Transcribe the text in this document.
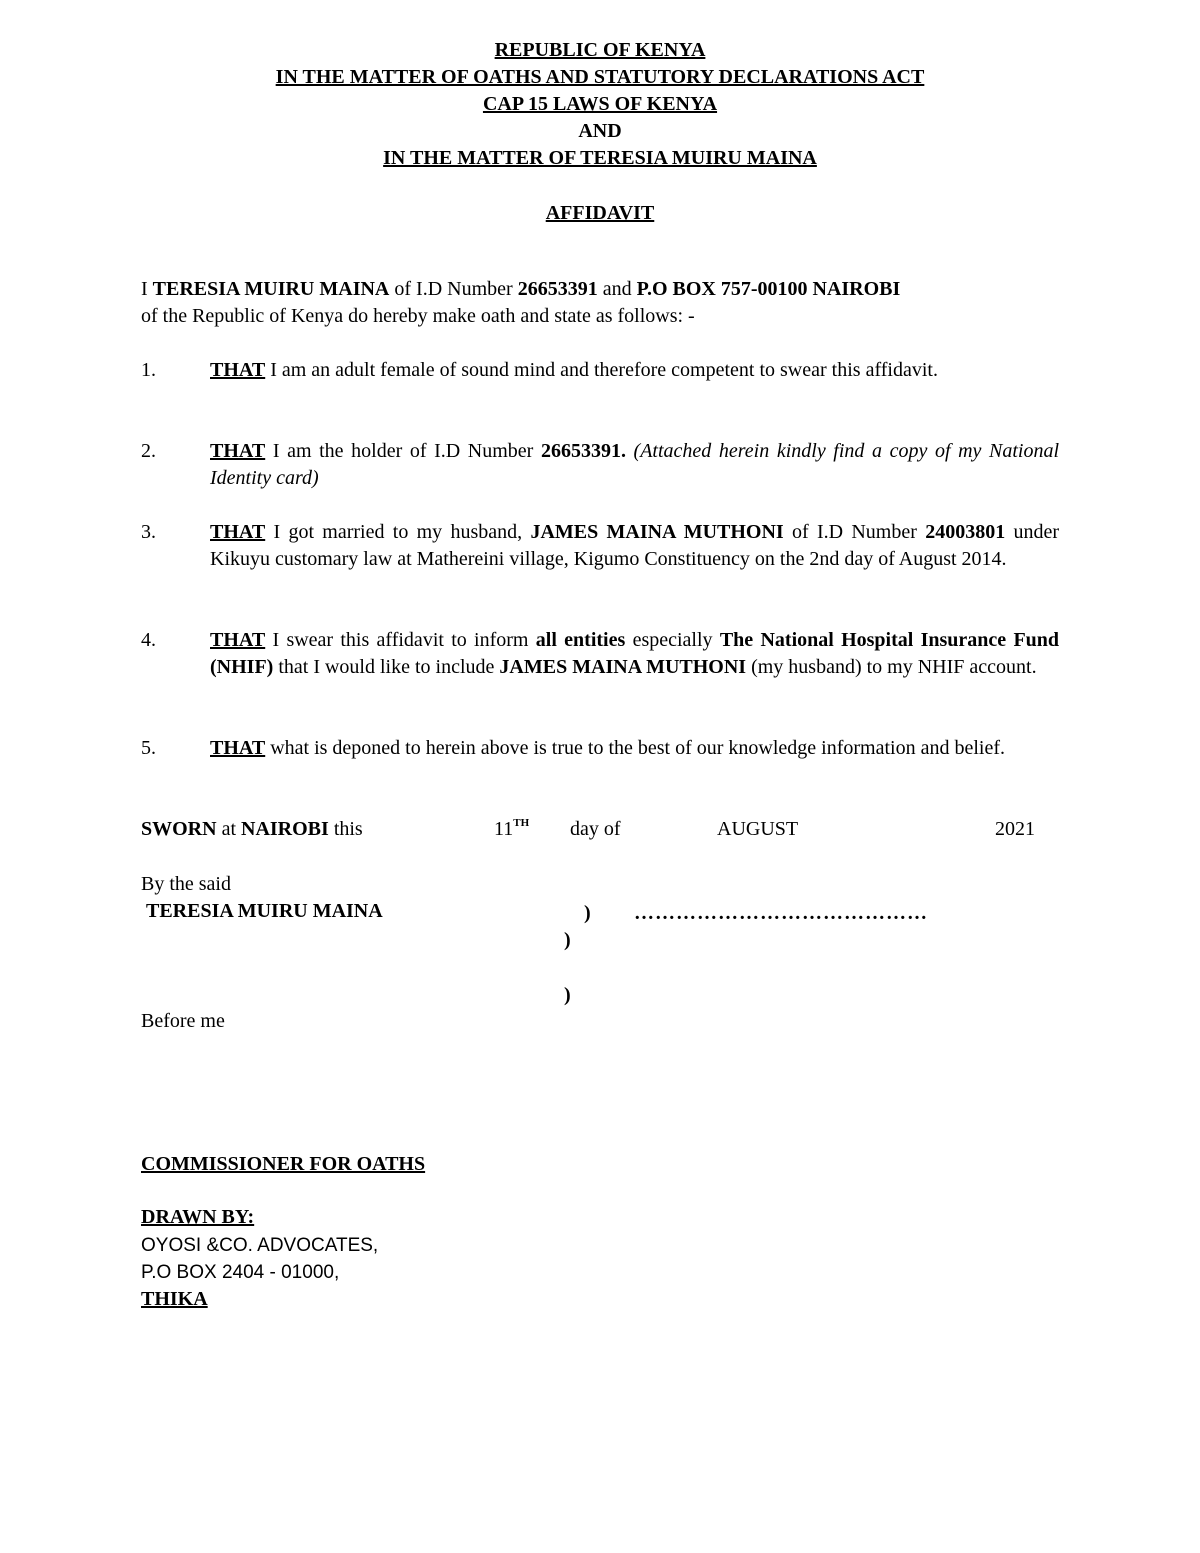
REPUBLIC OF KENYA
IN THE MATTER OF OATHS AND STATUTORY DECLARATIONS ACT
CAP 15 LAWS OF KENYA
AND
IN THE MATTER OF TERESIA MUIRU MAINA
AFFIDAVIT
I TERESIA MUIRU MAINA of I.D Number 26653391 and P.O BOX 757-00100 NAIROBI
of the Republic of Kenya do hereby make oath and state as follows: -
1.	THAT I am an adult female of sound mind and therefore competent to swear this affidavit.
2.	THAT I am the holder of I.D Number 26653391. (Attached herein kindly find a copy of my National Identity card)
3.	THAT I got married to my husband, JAMES MAINA MUTHONI of I.D Number 24003801 under Kikuyu customary law at Mathereini village, Kigumo Constituency on the 2nd day of August 2014.
4.	THAT I swear this affidavit to inform all entities especially The National Hospital Insurance Fund (NHIF) that I would like to include JAMES MAINA MUTHONI (my husband) to my NHIF account.
5.	THAT what is deponed to herein above is true to the best of our knowledge information and belief.
SWORN at NAIROBI this	11TH day of	AUGUST	2021
By the said
TERESIA MUIRU MAINA	) ……………………………………
)
)
Before me
COMMISSIONER FOR OATHS
DRAWN BY:
OYOSI &CO. ADVOCATES,
P.O BOX 2404 - 01000,
THIKA
